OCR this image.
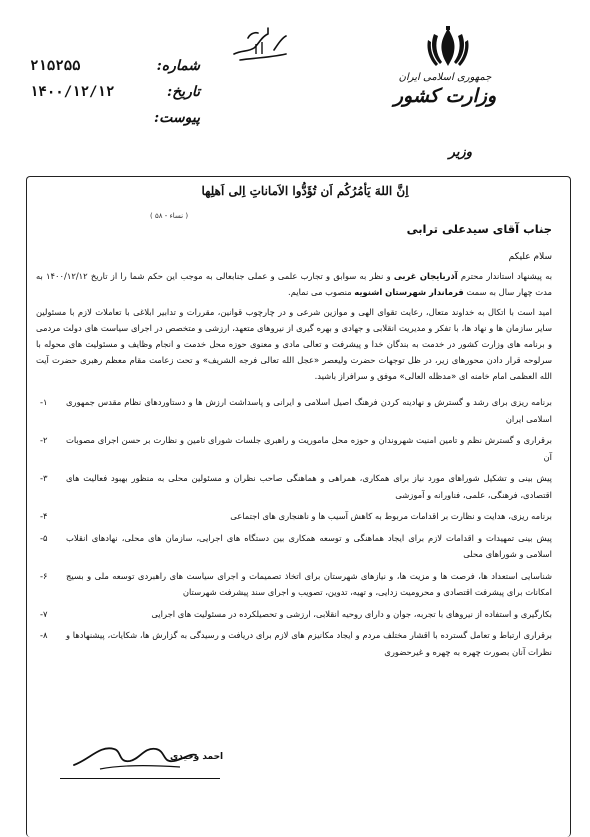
جمهوری اسلامی ایران
وزارت کشور
وزیر
شماره:
۲۱۵۲۵۵
تاریخ:
۱۴۰۰/۱۲/۱۲
پیوست:
اِنَّ اللهَ یَأمُرُکُم اَن تُؤَدُّوا الاَماناتِ اِلی اَهلِها
( نساء - ۵۸ )
جناب آقای سیدعلی ترابی
سلام علیکم

به پیشنهاد استاندار محترم آذربایجان غربی و نظر به سوابق و تجارب علمی و عملی جنابعالی به موجب این حکم شما را از تاریخ ۱۴۰۰/۱۲/۱۲ به مدت چهار سال به سمت فرماندار شهرستان اشنویه منصوب می نمایم.

امید است با اتکال به خداوند متعال، رعایت تقوای الهی و موازین شرعی و در چارچوب قوانین، مقررات و تدابیر ابلاغی با تعاملات لازم با مسئولین سایر سازمان ها و نهاد ها، با تفکر و مدیریت انقلابی و جهادی و بهره گیری از نیروهای متعهد، ارزشی و متخصص در اجرای سیاست های دولت مردمی و برنامه های وزارت کشور در خدمت به بندگان خدا و پیشرفت و تعالی مادی و معنوی حوزه محل خدمت و انجام وظایف و مسئولیت های محوله با سرلوحه قرار دادن محورهای زیر، در ظل توجهات حضرت ولیعصر «عجل الله تعالی فرجه الشریف» و تحت زعامت مقام معظم رهبری حضرت آیت الله العظمی امام خامنه ای «مدظله العالی» موفق و سرافراز باشید.

برنامه ریزی برای رشد و گسترش و نهادینه کردن فرهنگ اصیل اسلامی و ایرانی و پاسداشت ارزش ها و دستاوردهای نظام مقدس جمهوری اسلامی ایران
۱-
برقراری و گسترش نظم و تامین امنیت شهروندان و حوزه محل ماموریت و راهبری جلسات شورای تامین و نظارت بر حسن اجرای مصوبات آن
۲-
پیش بینی و تشکیل شوراهای مورد نیاز برای همکاری، همراهی و هماهنگی صاحب نظران و مسئولین محلی به منظور بهبود فعالیت های اقتصادی، فرهنگی، علمی، فناورانه و آموزشی
۳-
برنامه ریزی، هدایت و نظارت بر اقدامات مربوط به کاهش آسیب ها و ناهنجاری های اجتماعی
۴-
پیش بینی تمهیدات و اقدامات لازم برای ایجاد هماهنگی و توسعه همکاری بین دستگاه های اجرایی، سازمان های محلی، نهادهای انقلاب اسلامی و شوراهای محلی
۵-
شناسایی استعداد ها، فرصت ها و مزیت ها، و نیازهای شهرستان برای اتخاذ تصمیمات و اجرای سیاست های راهبردی توسعه ملی و بسیج امکانات برای پیشرفت اقتصادی و محرومیت زدایی، و تهیه، تدوین، تصویب و اجرای سند پیشرفت شهرستان
۶-
بکارگیری و استفاده از نیروهای با تجربه، جوان و دارای روحیه انقلابی، ارزشی و تحصیلکرده در مسئولیت های اجرایی
۷-
برقراری ارتباط و تعامل گسترده با اقشار مختلف مردم و ایجاد مکانیزم های لازم برای دریافت و رسیدگی به گزارش ها، شکایات، پیشنهادها و نظرات آنان بصورت چهره به چهره و غیرحضوری
۸-
احمد وحیدی
